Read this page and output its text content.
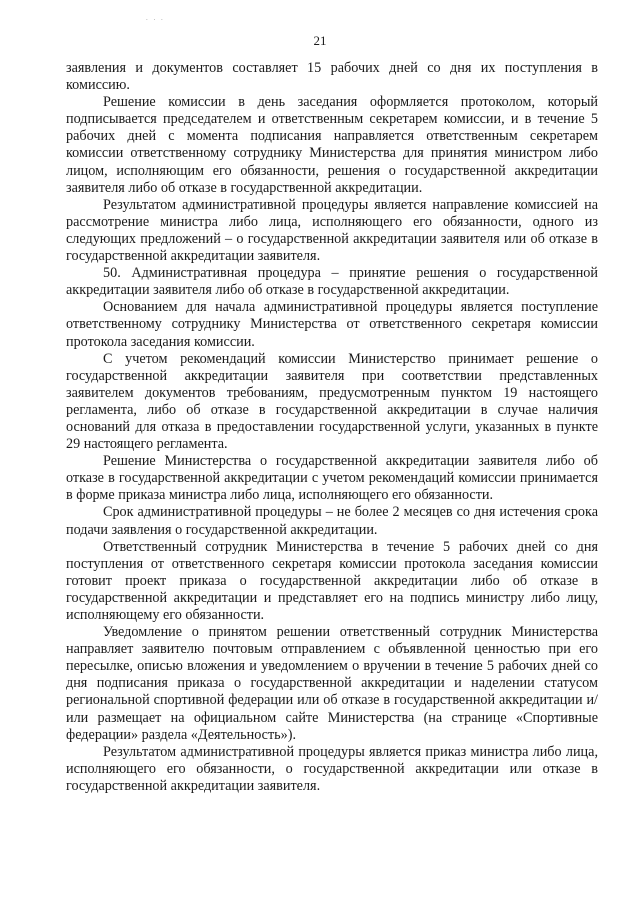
. . .
21

заявления и документов составляет 15 рабочих дней со дня их поступления в комиссию.

Решение комиссии в день заседания оформляется протоколом, который подписывается председателем и ответственным секретарем комиссии, и в течение 5 рабочих дней с момента подписания направляется ответственным секретарем комиссии ответственному сотруднику Министерства для принятия министром либо лицом, исполняющим его обязанности, решения о государственной аккредитации заявителя либо об отказе в государственной аккредитации.

Результатом административной процедуры является направление комиссией на рассмотрение министра либо лица, исполняющего его обязанности, одного из следующих предложений – о государственной аккредитации заявителя или об отказе в государственной аккредитации заявителя.

50. Административная процедура – принятие решения о государственной аккредитации заявителя либо об отказе в государственной аккредитации.

Основанием для начала административной процедуры является поступление ответственному сотруднику Министерства от ответственного секретаря комиссии протокола заседания комиссии.

С учетом рекомендаций комиссии Министерство принимает решение о государственной аккредитации заявителя при соответствии представленных заявителем документов требованиям, предусмотренным пунктом 19 настоящего регламента, либо об отказе в государственной аккредитации в случае наличия оснований для отказа в предоставлении государственной услуги, указанных в пункте 29 настоящего регламента.

Решение Министерства о государственной аккредитации заявителя либо об отказе в государственной аккредитации с учетом рекомендаций комиссии принимается в форме приказа министра либо лица, исполняющего его обязанности.

Срок административной процедуры – не более 2 месяцев со дня истечения срока подачи заявления о государственной аккредитации.

Ответственный сотрудник Министерства в течение 5 рабочих дней со дня поступления от ответственного секретаря комиссии протокола заседания комиссии готовит проект приказа о государственной аккредитации либо об отказе в государственной аккредитации и представляет его на подпись министру либо лицу, исполняющему его обязанности.

Уведомление о принятом решении ответственный сотрудник Министерства направляет заявителю почтовым отправлением с объявленной ценностью при его пересылке, описью вложения и уведомлением о вручении в течение 5 рабочих дней со дня подписания приказа о государственной аккредитации и наделении статусом региональной спортивной федерации или об отказе в государственной аккредитации и/или размещает на официальном сайте Министерства (на странице «Спортивные федерации» раздела «Деятельность»).

Результатом административной процедуры является приказ министра либо лица, исполняющего его обязанности, о государственной аккредитации или отказе в государственной аккредитации заявителя.
